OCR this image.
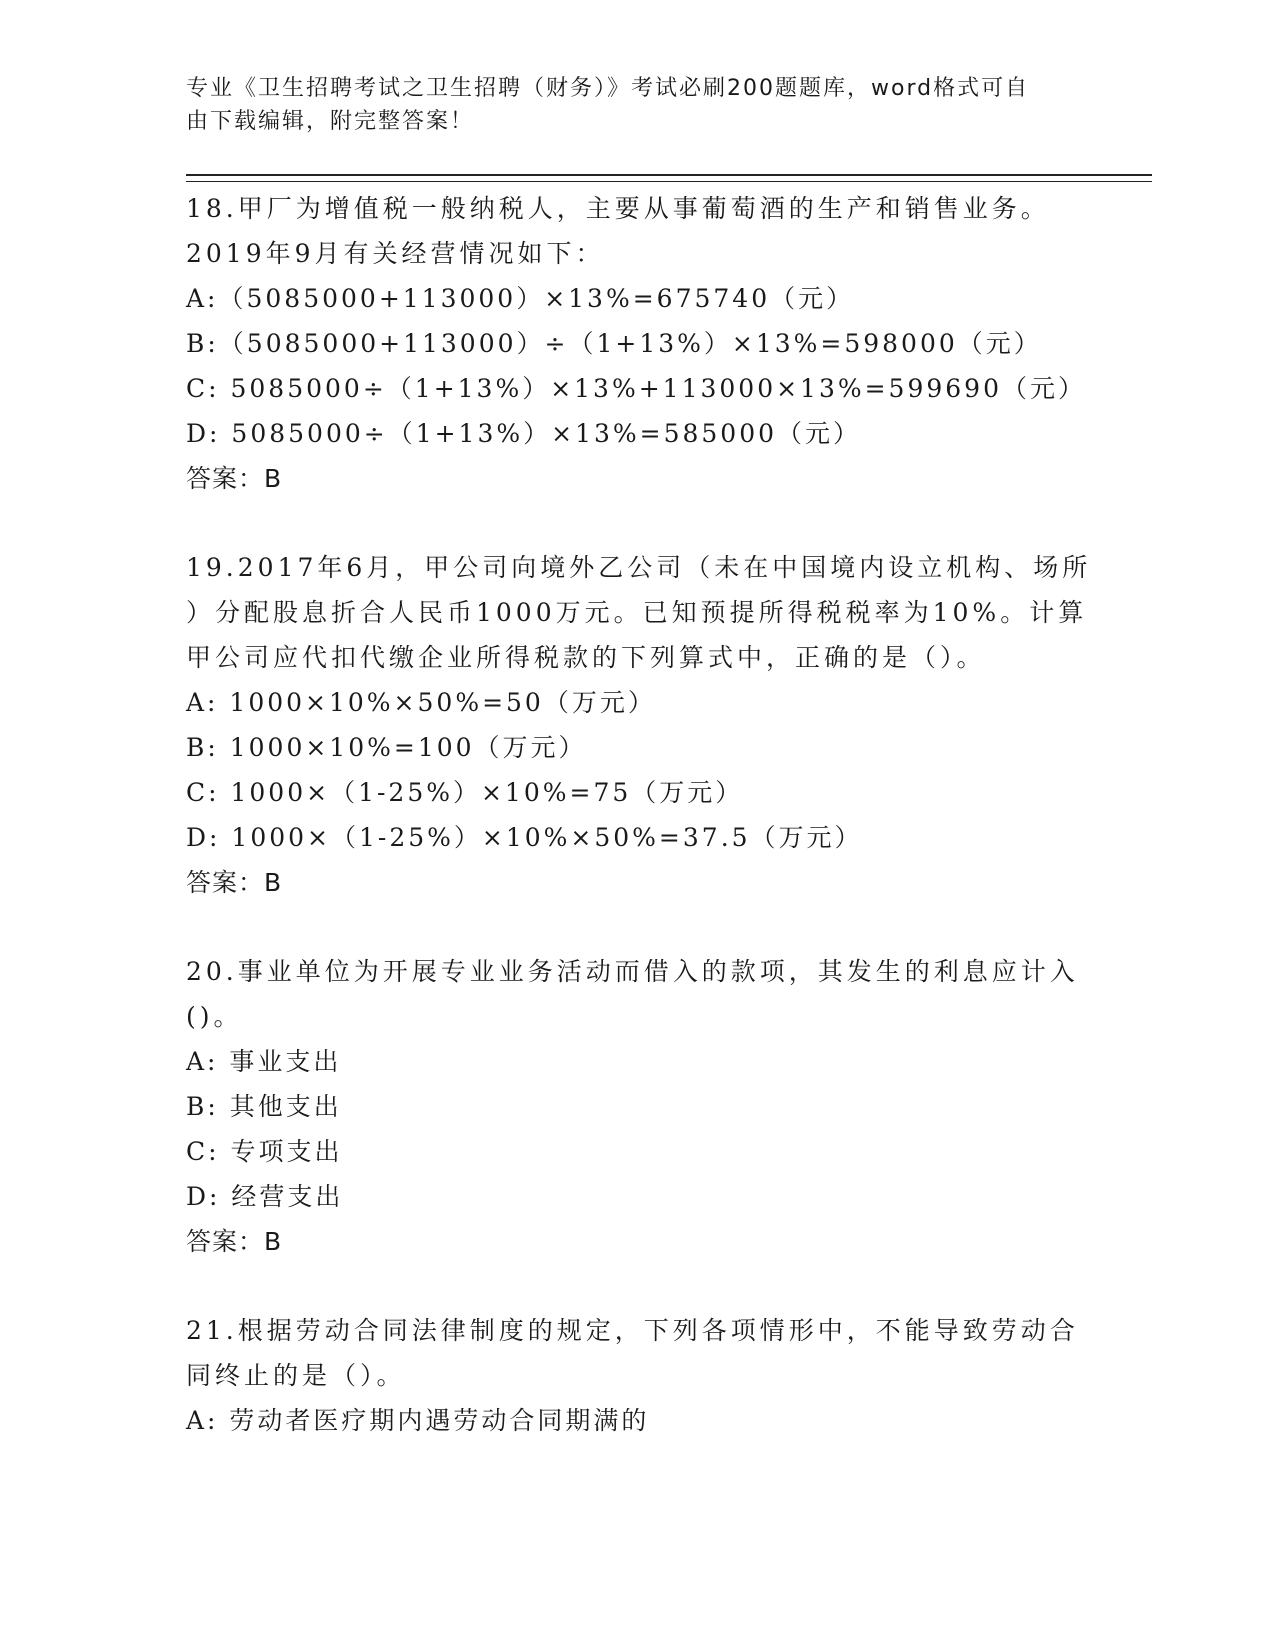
专业《卫生招聘考试之卫生招聘（财务）》考试必刷200题题库，word格式可自
由下载编辑，附完整答案！
18.甲厂为增值税一般纳税人，主要从事葡萄酒的生产和销售业务。
2019年9月有关经营情况如下：
A:（5085000+113000）×13%=675740（元）
B:（5085000+113000）÷（1+13%）×13%=598000（元）
C: 5085000÷（1+13%）×13%+113000×13%=599690（元）
D: 5085000÷（1+13%）×13%=585000（元）
答案：B
19.2017年6月，甲公司向境外乙公司（未在中国境内设立机构、场所
）分配股息折合人民币1000万元。已知预提所得税税率为10%。计算
甲公司应代扣代缴企业所得税款的下列算式中，正确的是（）。
A: 1000×10%×50%=50（万元）
B: 1000×10%=100（万元）
C: 1000×（1-25%）×10%=75（万元）
D: 1000×（1-25%）×10%×50%=37.5（万元）
答案：B
20.事业单位为开展专业业务活动而借入的款项，其发生的利息应计入
()。
A: 事业支出
B: 其他支出
C: 专项支出
D: 经营支出
答案：B
21.根据劳动合同法律制度的规定，下列各项情形中，不能导致劳动合
同终止的是（）。
A: 劳动者医疗期内遇劳动合同期满的
